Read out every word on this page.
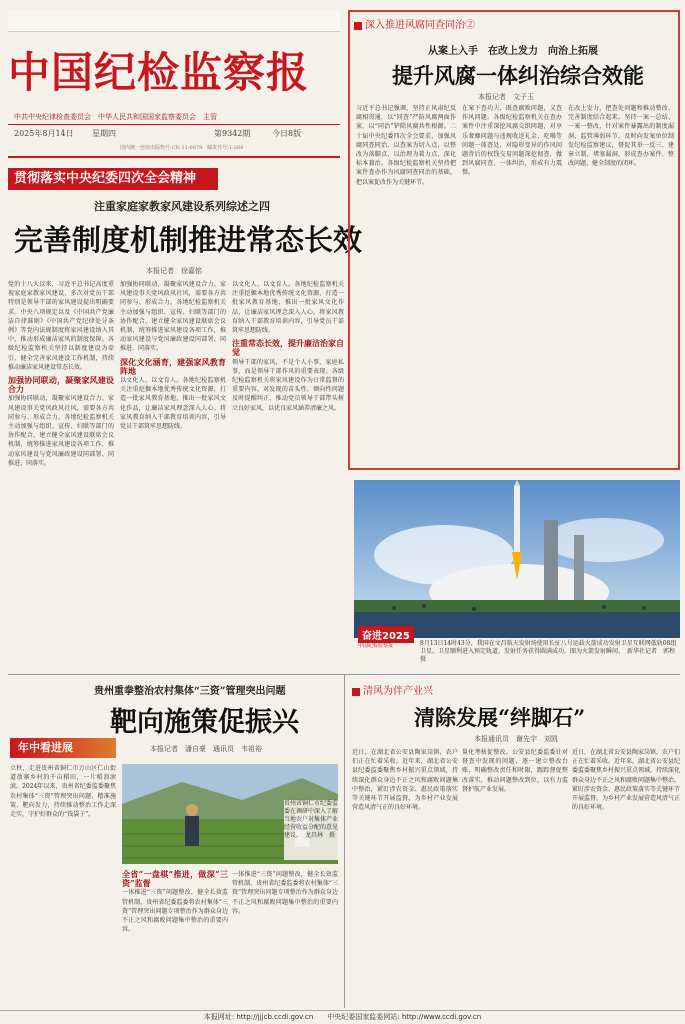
中国纪检监察报
中共中央纪律检查委员会　中华人民共和国国家监察委员会　主管
2025年8月14日 星期四	第9342期	今日8版
国内统一连续出版物号:CN 11-0078　邮发代号:1-204
贯彻落实中央纪委四次全会精神
注重家庭家教家风建设系列综述之四
完善制度机制推进常态长效
本报记者　徐嘉铭
党的十八大以来，习近平总书记高度重视家庭家教家风建设，多次对党员干部特别是领导干部的家风建设提出明确要求。中央八项规定以及《中国共产党廉洁自律准则》《中国共产党纪律处分条例》等党内法规制度将家风建设纳入其中，推动形成廉洁家风的制度保障。各级纪检监察机关坚持以制度建设为牵引，健全完善家风建设工作机制，持续推动廉洁家风建设常态长效。

加强协同联动，凝聚家风建设合力
加强协同联动，凝聚家风建设合力。家风建设事关党风政风社风，需要各方共同参与、形成合力。各地纪检监察机关主动加强与组织、宣传、妇联等部门的协作配合，建立健全家风建设联席会议机制，统筹推进家风建设各项工作，推动家风建设与党风廉政建设同部署、同推进、同落实。
加强协同联动，凝聚家风建设合力。家风建设事关党风政风社风，需要各方共同参与、形成合力。各地纪检监察机关主动加强与组织、宣传、妇联等部门的协作配合，建立健全家风建设联席会议机制，统筹推进家风建设各项工作，推动家风建设与党风廉政建设同部署、同推进、同落实。

深化文化涵育，建强家风教育阵地
以文化人、以文育人。各地纪检监察机关注重挖掘本地优秀传统文化资源，打造一批家风教育基地，推出一批家风文化作品，让廉洁家风理念深入人心。将家风教育纳入干部教育培训内容，引导党员干部筑牢思想防线。
以文化人、以文育人。各地纪检监察机关注重挖掘本地优秀传统文化资源，打造一批家风教育基地，推出一批家风文化作品，让廉洁家风理念深入人心。将家风教育纳入干部教育培训内容，引导党员干部筑牢思想防线。

注重常态长效，提升廉洁治家自觉
领导干部的家风，不是个人小事、家庭私事，而是领导干部作风的重要表现。各级纪检监察机关将家风建设作为日常监督的重要内容，对发现的苗头性、倾向性问题及时提醒纠正，推动党员领导干部带头树立良好家风，以优良家风涵养清廉之风。
深入推进风腐同查同治②
从案上入手　在改上发力　向治上拓展
提升风腐一体纠治综合效能
本报记者　文子玉
习近平总书记强调，坚持正风肃纪反腐相贯通，以“同查”严防风腐两面作案，以“同治”铲除风腐共性根源。二十届中央纪委四次全会要求，加强风腐同查同治，以查案为切入点，以整改为落脚点，以治理为着力点，深化标本兼治。各级纪检监察机关坚持把案件查办作为风腐同查同治的基础，把以案促改作为关键环节。
在案下查功夫，既查腐败问题，又查作风问题。各级纪检监察机关在查办案件中注重深挖风腐交织问题，对享乐奢靡问题与违规收送礼金、吃喝等问题一体查处，对隐形变异的作风问题背后的权钱交易问题深挖彻查，做到风腐同查、一体纠治，形成有力震慑。
在改上发力，把查处问题和推动整改、完善制度结合起来。坚持一案一总结、一案一整改，针对案件暴露出的制度漏洞、监管薄弱环节，及时向发案单位制发纪检监察建议，督促其举一反三、建章立制，堵塞漏洞，形成查办案件、整改问题、健全制度的闭环。
奋进2025
中国纪检监察报	8月13日14时43分，我国在文昌航天发射场使用长征八号运载火箭成功发射卫星互联网低轨08组卫星。卫星顺利进入预定轨道，发射任务获得圆满成功。图为火箭发射瞬间。　新华社记者　郭程　摄
贵州重拳整治农村集体“三资”管理突出问题
靶向施策促振兴
本报记者　潘自豪　通讯员　韦祖裕
年中看进展
立秋，走进贵州省铜仁市万山区仁山街道敖寨乡村的千亩稻田，一片稻浪滚滚。2024年以来，贵州省纪委监委聚焦农村集体“三资”管理突出问题，精准施策、靶向发力，持续推动整治工作走深走实，守护好群众的“钱袋子”。
全省“一盘棋”推进，做深“三资”监督
一体推进“三资”问题整改，健全长效监管机制，贵州省纪委监委将农村集体“三资”管理突出问题专项整治作为群众身边不正之风和腐败问题集中整治的重要内容。
一体推进“三资”问题整改，健全长效监管机制，贵州省纪委监委将农村集体“三资”管理突出问题专项整治作为群众身边不正之风和腐败问题集中整治的重要内容。
贵州省铜仁市纪委监委在调研中深入了解当地农户对集体产业经营收益分配的意见建议。　龙昌林　摄
清风为伴产业兴
清除发展“绊脚石”
本报通讯员　谢先宇　刘凯
近日，在湖北省公安县陶家岗镇，农户们正在忙着采收。近年来，湖北省公安县纪委监委聚焦乡村振兴重点领域，持续深化群众身边不正之风和腐败问题集中整治，紧盯涉农资金、惠民政策落实等关键环节开展监督，为乡村产业发展营造风清气正的良好环境。
量化考核促整改。公安县纪委监委针对督查中发现的问题，逐一建立整改台账，明确整改责任和时限，跟踪督促整改落实，推动问题整改到位，以有力监督护航产业发展。
近日，在湖北省公安县陶家岗镇，农户们正在忙着采收。近年来，湖北省公安县纪委监委聚焦乡村振兴重点领域，持续深化群众身边不正之风和腐败问题集中整治，紧盯涉农资金、惠民政策落实等关键环节开展监督，为乡村产业发展营造风清气正的良好环境。
本报网址: http://jjjcb.ccdi.gov.cn　　中央纪委国家监委网站: http://www.ccdi.gov.cn
